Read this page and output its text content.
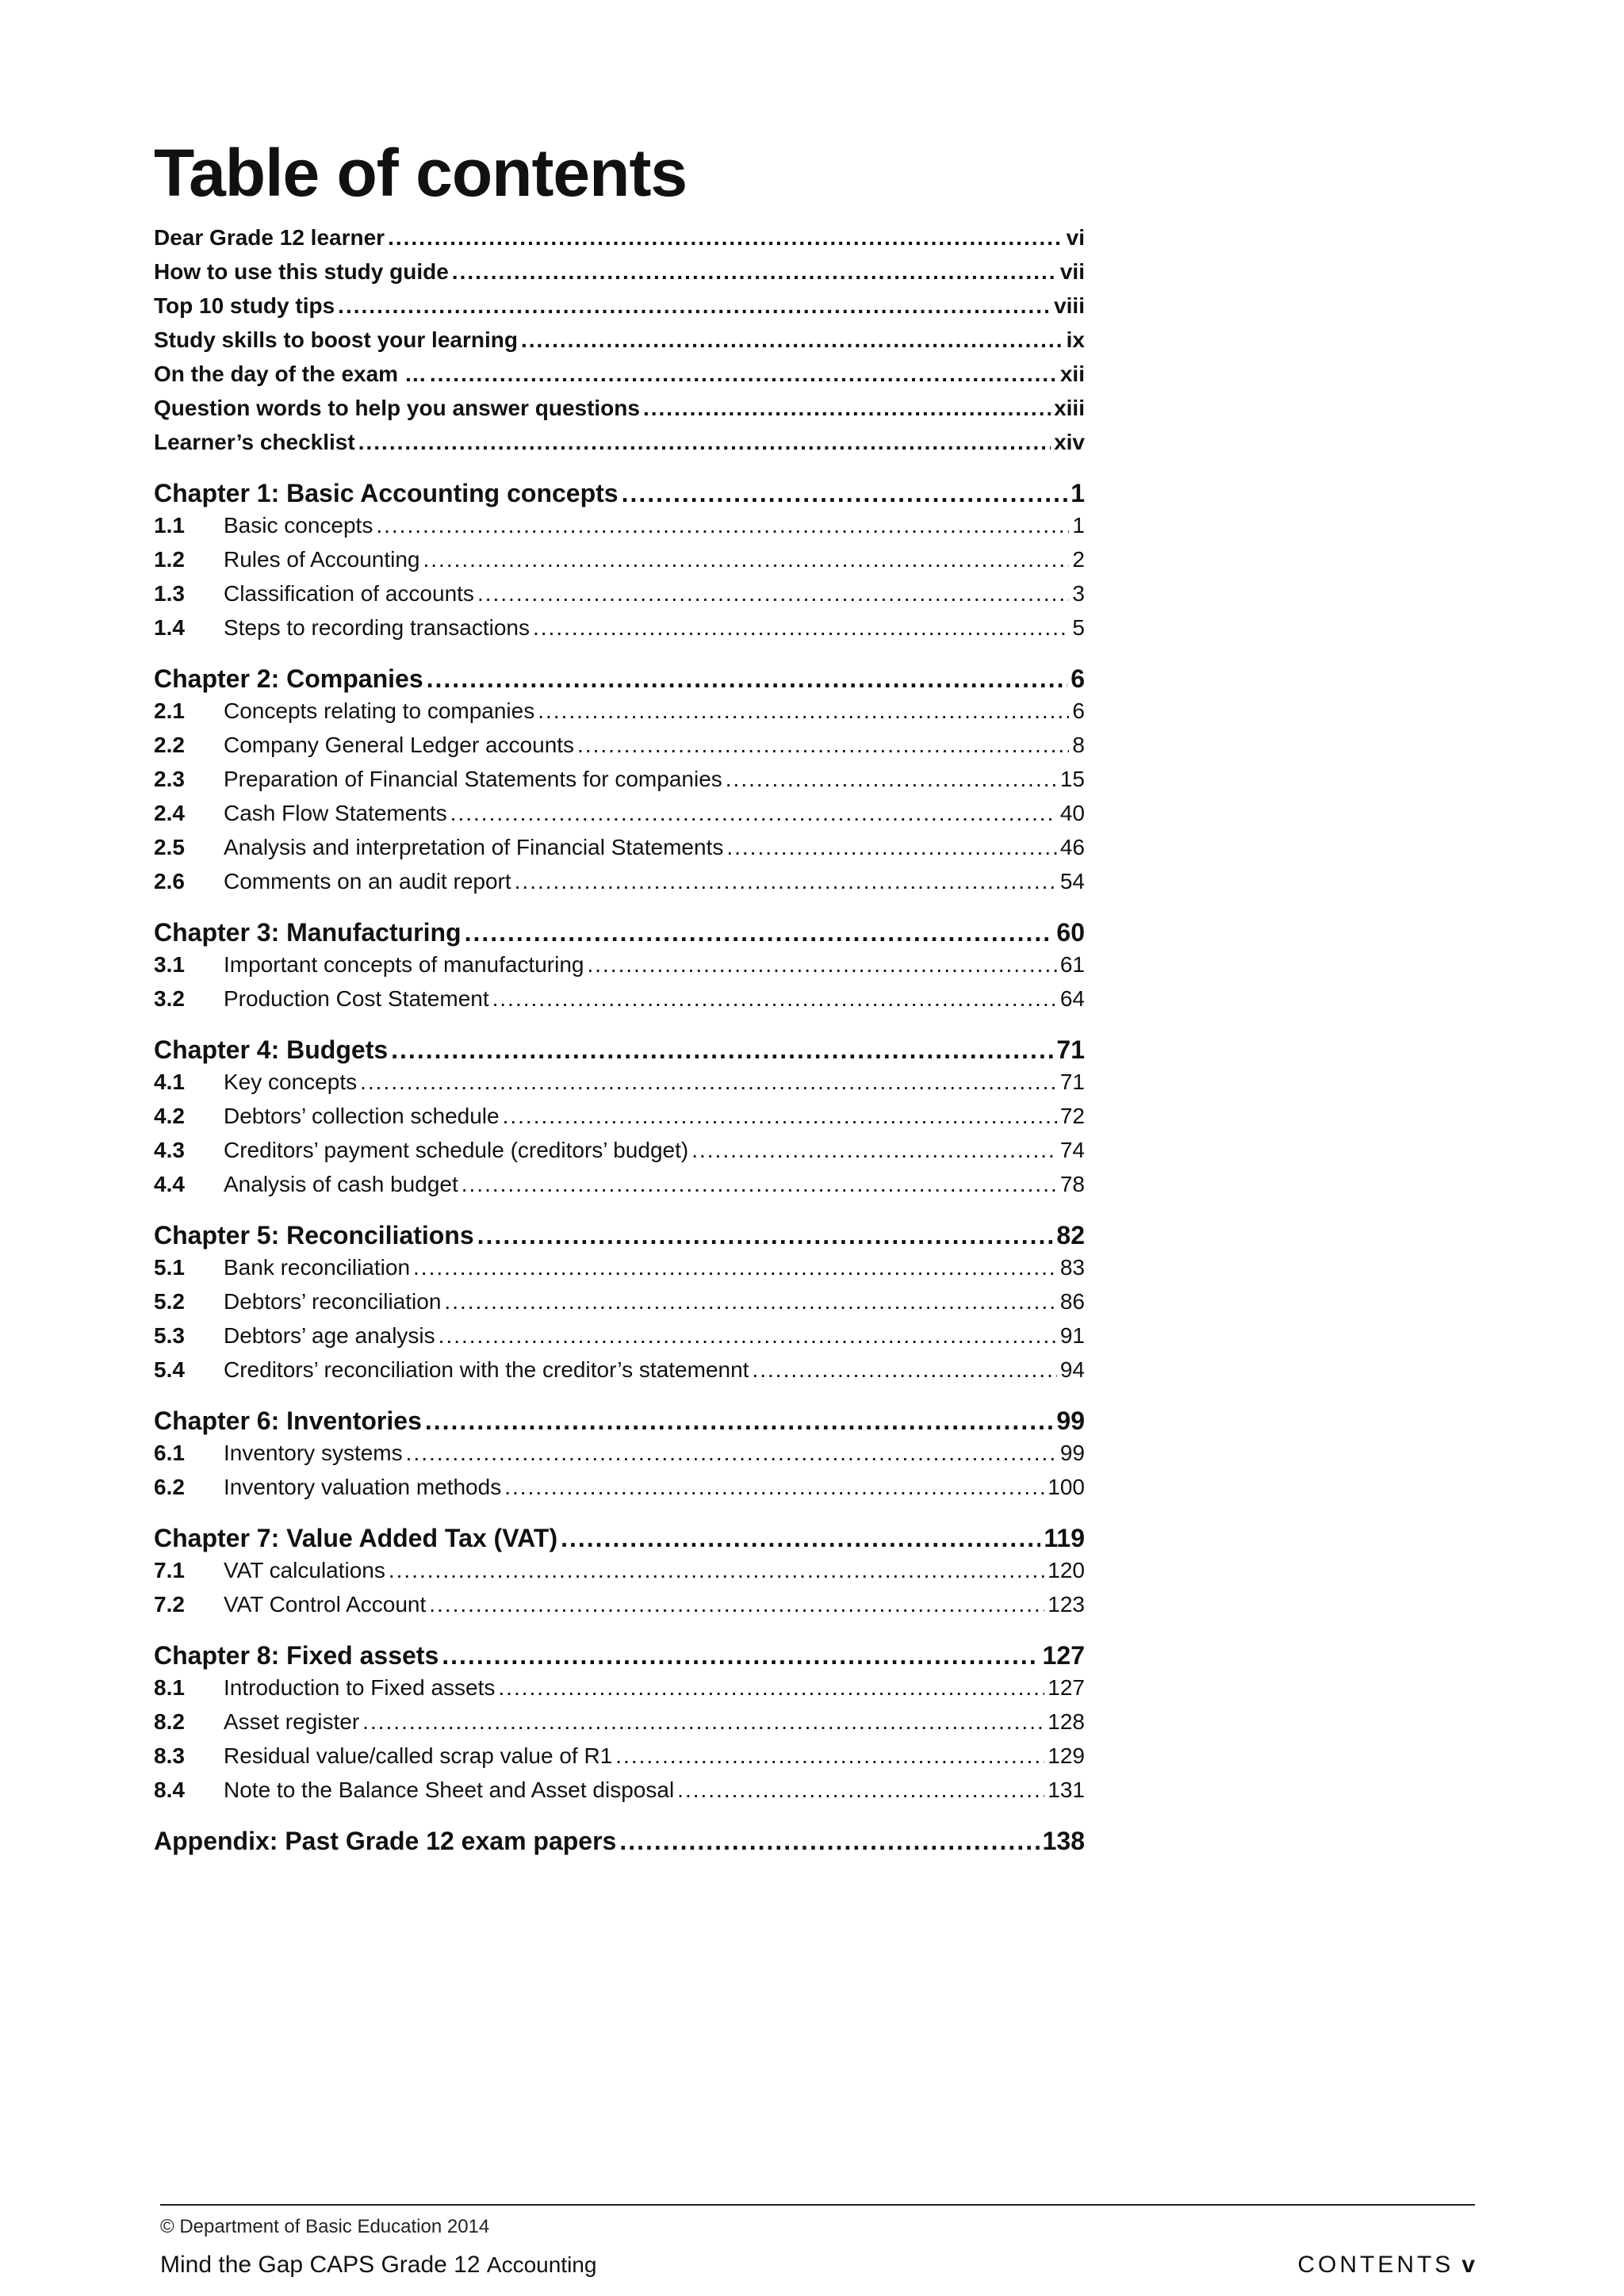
Table of contents
Dear Grade 12 learner .....	vi
How to use this study guide .....	vii
Top 10 study tips .....	viii
Study skills to boost your learning .....	ix
On the day of the exam … .....	xii
Question words to help you answer questions .....	xiii
Learner’s checklist .....	xiv
Chapter 1: Basic Accounting concepts .....	1
1.1	Basic concepts .....	1
1.2	Rules of Accounting .....	2
1.3	Classification of accounts .....	3
1.4	Steps to recording transactions .....	5
Chapter 2: Companies .....	6
2.1	Concepts relating to companies .....	6
2.2	Company General Ledger accounts .....	8
2.3	Preparation of Financial Statements for companies .....	15
2.4	Cash Flow Statements .....	40
2.5	Analysis and interpretation of Financial Statements .....	46
2.6	Comments on an audit report .....	54
Chapter 3: Manufacturing .....	60
3.1	Important concepts of manufacturing .....	61
3.2	Production Cost Statement .....	64
Chapter 4: Budgets .....	71
4.1	Key concepts .....	71
4.2	Debtors’ collection schedule .....	72
4.3	Creditors’ payment schedule (creditors’ budget) .....	74
4.4	Analysis of cash budget .....	78
Chapter 5: Reconciliations .....	82
5.1	Bank reconciliation .....	83
5.2	Debtors’ reconciliation .....	86
5.3	Debtors’ age analysis .....	91
5.4	Creditors’ reconciliation with the creditor’s statemennt .....	94
Chapter 6: Inventories .....	99
6.1	Inventory systems .....	99
6.2	Inventory valuation methods .....	100
Chapter 7: Value Added Tax (VAT) .....	119
7.1	VAT calculations .....	120
7.2	VAT Control Account .....	123
Chapter 8: Fixed assets .....	127
8.1	Introduction to Fixed assets .....	127
8.2	Asset register .....	128
8.3	Residual value/called scrap value of R1 .....	129
8.4	Note to the Balance Sheet and Asset disposal .....	131
Appendix: Past Grade 12 exam papers .....	138
© Department of Basic Education 2014
Mind the Gap CAPS Grade 12 Accounting	CONTENTS v
